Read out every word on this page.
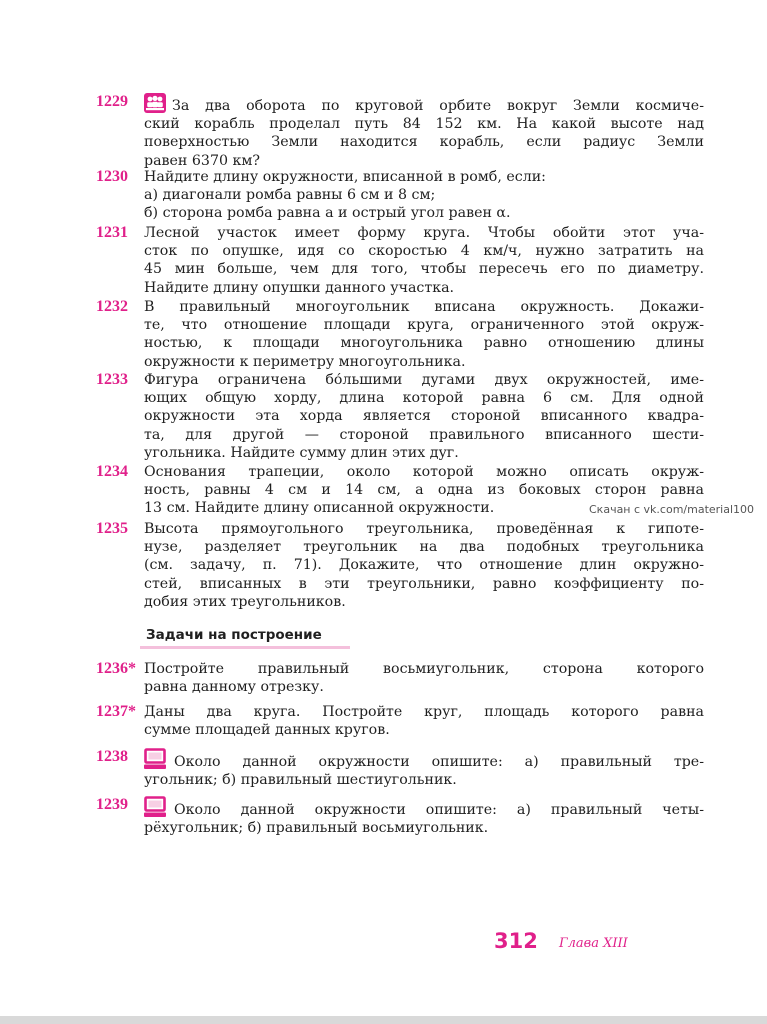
1229	За два оборота по круговой орбите вокруг Земли космиче-
ский корабль проделал путь 84 152 км. На какой высоте над
поверхностью Земли находится корабль, если радиус Земли
равен 6370 км?
1230 Найдите длину окружности, вписанной в ромб, если:
а) диагонали ромба равны 6 см и 8 см;
б) сторона ромба равна a и острый угол равен α.
1231 Лесной участок имеет форму круга. Чтобы обойти этот уча-
сток по опушке, идя со скоростью 4 км/ч, нужно затратить на
45 мин больше, чем для того, чтобы пересечь его по диаметру.
Найдите длину опушки данного участка.
1232 В правильный многоугольник вписана окружность. Докажи-
те, что отношение площади круга, ограниченного этой окруж-
ностью, к площади многоугольника равно отношению длины
окружности к периметру многоугольника.
1233 Фигура ограничена бо́льшими дугами двух окружностей, име-
ющих общую хорду, длина которой равна 6 см. Для одной
окружности эта хорда является стороной вписанного квадра-
та, для другой — стороной правильного вписанного шести-
угольника. Найдите сумму длин этих дуг.
1234 Основания трапеции, около которой можно описать окруж-
ность, равны 4 см и 14 см, а одна из боковых сторон равна
13 см. Найдите длину описанной окружности.
1235 Высота прямоугольного треугольника, проведённая к гипоте-
нузе, разделяет треугольник на два подобных треугольника
(см. задачу, п. 71). Докажите, что отношение длин окружно-
стей, вписанных в эти треугольники, равно коэффициенту по-
добия этих треугольников.
Скачан с vk.com/material100
Задачи на построение
1236* Постройте правильный восьмиугольник, сторона которого
равна данному отрезку.
1237* Даны два круга. Постройте круг, площадь которого равна
сумме площадей данных кругов.
1238	Около данной окружности опишите: а) правильный тре-
угольник; б) правильный шестиугольник.
1239	Около данной окружности опишите: а) правильный четы-
рёхугольник; б) правильный восьмиугольник.
312 Глава XIII
